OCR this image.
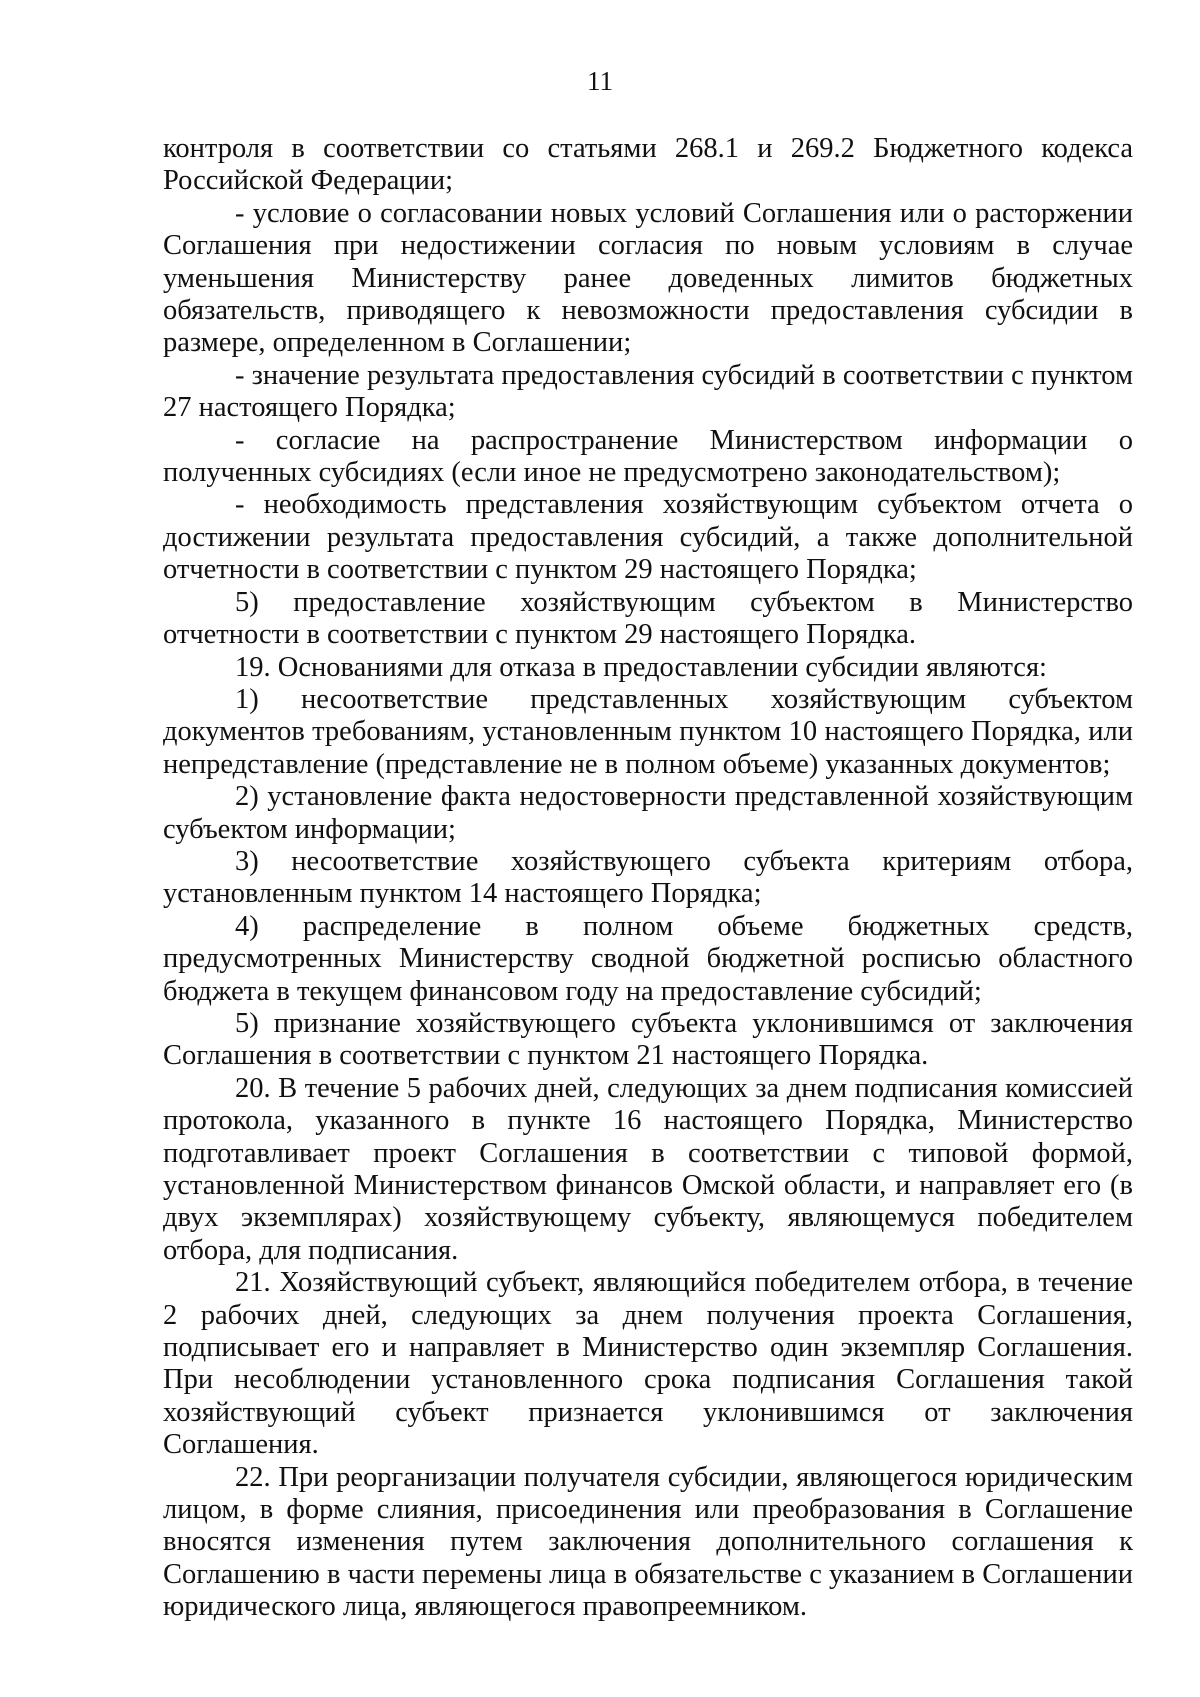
11

контроля в соответствии со статьями 268.1 и 269.2 Бюджетного кодекса Российской Федерации;

- условие о согласовании новых условий Соглашения или о расторжении Соглашения при недостижении согласия по новым условиям в случае уменьшения Министерству ранее доведенных лимитов бюджетных обязательств, приводящего к невозможности предоставления субсидии в размере, определенном в Соглашении;

- значение результата предоставления субсидий в соответствии с пунктом 27 настоящего Порядка;

- согласие на распространение Министерством информации о полученных субсидиях (если иное не предусмотрено законодательством);

- необходимость представления хозяйствующим субъектом отчета о достижении результата предоставления субсидий, а также дополнительной отчетности в соответствии с пунктом 29 настоящего Порядка;

5) предоставление хозяйствующим субъектом в Министерство отчетности в соответствии с пунктом 29 настоящего Порядка.

19. Основаниями для отказа в предоставлении субсидии являются:

1) несоответствие представленных хозяйствующим субъектом документов требованиям, установленным пунктом 10 настоящего Порядка, или непредставление (представление не в полном объеме) указанных документов;

2) установление факта недостоверности представленной хозяйствующим субъектом информации;

3) несоответствие хозяйствующего субъекта критериям отбора, установленным пунктом 14 настоящего Порядка;

4) распределение в полном объеме бюджетных средств, предусмотренных Министерству сводной бюджетной росписью областного бюджета в текущем финансовом году на предоставление субсидий;

5) признание хозяйствующего субъекта уклонившимся от заключения Соглашения в соответствии с пунктом 21 настоящего Порядка.

20. В течение 5 рабочих дней, следующих за днем подписания комиссией протокола, указанного в пункте 16 настоящего Порядка, Министерство подготавливает проект Соглашения в соответствии с типовой формой, установленной Министерством финансов Омской области, и направляет его (в двух экземплярах) хозяйствующему субъекту, являющемуся победителем отбора, для подписания.

21. Хозяйствующий субъект, являющийся победителем отбора, в течение 2 рабочих дней, следующих за днем получения проекта Соглашения, подписывает его и направляет в Министерство один экземпляр Соглашения. При несоблюдении установленного срока подписания Соглашения такой хозяйствующий субъект признается уклонившимся от заключения Соглашения.

22. При реорганизации получателя субсидии, являющегося юридическим лицом, в форме слияния, присоединения или преобразования в Соглашение вносятся изменения путем заключения дополнительного соглашения к Соглашению в части перемены лица в обязательстве с указанием в Соглашении юридического лица, являющегося правопреемником.
